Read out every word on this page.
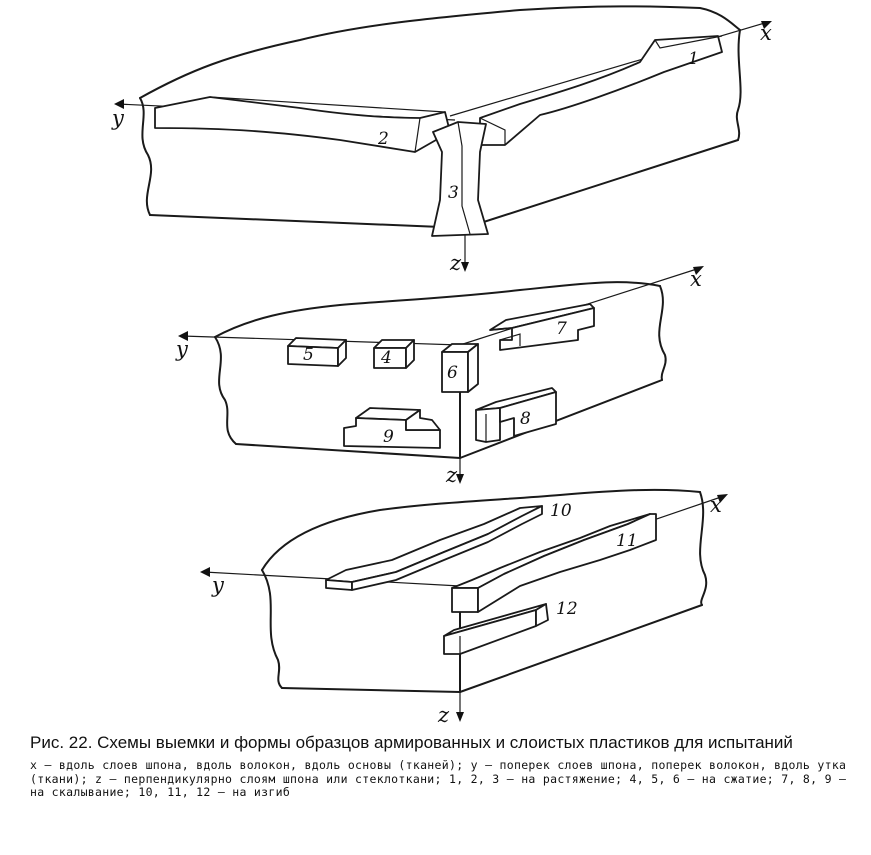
x
y
z
1
2
3
x
y
z
5	4
6
7
8
9
x
y
z
10
11
12

Рис. 22. Схемы выемки и формы образцов армированных и слоистых пластиков для испытаний

x — вдоль слоев шпона, вдоль волокон, вдоль основы (тканей); y — поперек слоев шпона, поперек волокон, вдоль утка (ткани); z — перпендикулярно слоям шпона или стеклоткани; 1, 2, 3 — на растяжение; 4, 5, 6 — на сжатие; 7, 8, 9 — на скалывание; 10, 11, 12 — на изгиб
